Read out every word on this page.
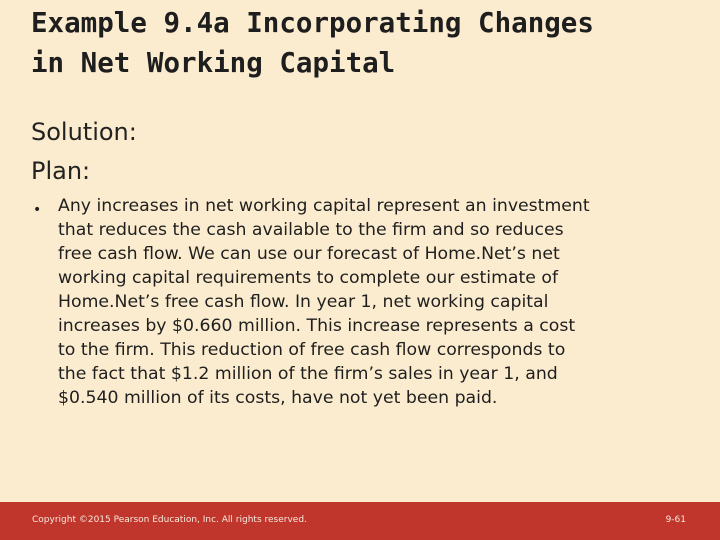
Example 9.4a Incorporating Changes
in Net Working Capital
Solution:
Plan:
• Any increases in net working capital represent an investment
that reduces the cash available to the firm and so reduces
free cash flow. We can use our forecast of Home.Net’s net
working capital requirements to complete our estimate of
Home.Net’s free cash flow. In year 1, net working capital
increases by $0.660 million. This increase represents a cost
to the firm. This reduction of free cash flow corresponds to
the fact that $1.2 million of the firm’s sales in year 1, and
$0.540 million of its costs, have not yet been paid.
Copyright ©2015 Pearson Education, Inc. All rights reserved.	9-61
